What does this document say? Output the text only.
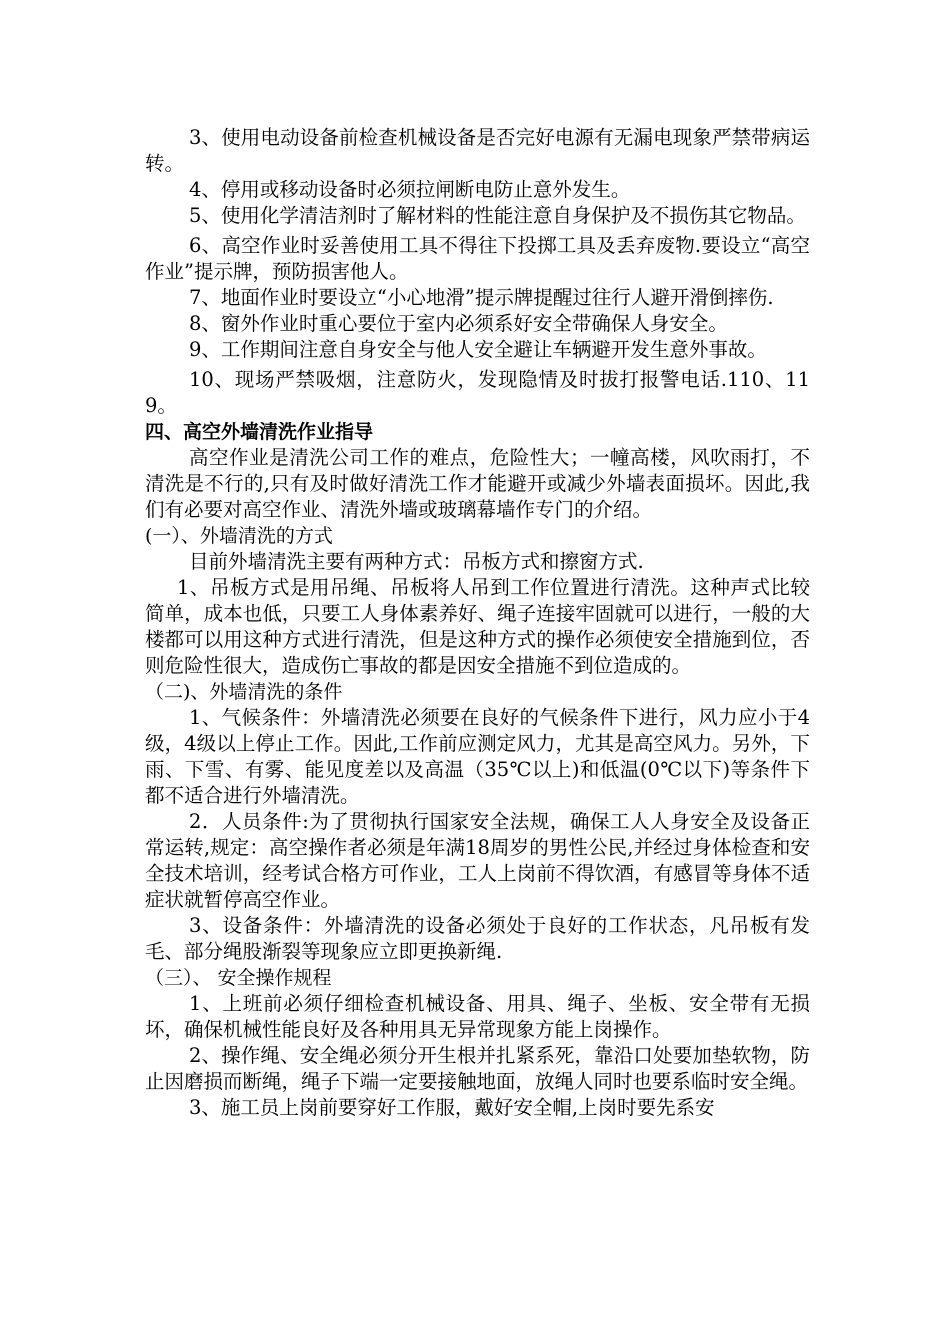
3、使用电动设备前检查机械设备是否完好电源有无漏电现象严禁带病运转。

4、停用或移动设备时必须拉闸断电防止意外发生。

5、使用化学清洁剂时了解材料的性能注意自身保护及不损伤其它物品。

6、高空作业时妥善使用工具不得往下投掷工具及丢弃废物.要设立“高空作业”提示牌，预防损害他人。

7、地面作业时要设立“小心地滑”提示牌提醒过往行人避开滑倒摔伤.

8、窗外作业时重心要位于室内必须系好安全带确保人身安全。

9、工作期间注意自身安全与他人安全避让车辆避开发生意外事故。

10、现场严禁吸烟，注意防火，发现隐情及时拔打报警电话.110、119。

四、高空外墙清洗作业指导

高空作业是清洗公司工作的难点，危险性大；一幢高楼，风吹雨打，不清洗是不行的,只有及时做好清洗工作才能避开或减少外墙表面损坏。因此,我们有必要对高空作业、清洗外墙或玻璃幕墙作专门的介绍。

(一）、外墙清洗的方式

目前外墙清洗主要有两种方式：吊板方式和擦窗方式.

1、吊板方式是用吊绳、吊板将人吊到工作位置进行清洗。这种声式比较简单，成本也低，只要工人身体素养好、绳子连接牢固就可以进行，一般的大楼都可以用这种方式进行清洗，但是这种方式的操作必须使安全措施到位，否则危险性很大，造成伤亡事故的都是因安全措施不到位造成的。

（二)、外墙清洗的条件

1、气候条件：外墙清洗必须要在良好的气候条件下进行，风力应小于4级，4级以上停止工作。因此,工作前应测定风力，尤其是高空风力。另外，下雨、下雪、有雾、能见度差以及高温（35℃以上)和低温(0℃以下)等条件下都不适合进行外墙清洗。

2．人员条件:为了贯彻执行国家安全法规，确保工人人身安全及设备正常运转,规定：高空操作者必须是年满18周岁的男性公民,并经过身体检查和安全技术培训，经考试合格方可作业，工人上岗前不得饮酒，有感冒等身体不适症状就暂停高空作业。

3、设备条件：外墙清洗的设备必须处于良好的工作状态，凡吊板有发毛、部分绳股渐裂等现象应立即更换新绳.

（三）、 安全操作规程

1、上班前必须仔细检查机械设备、用具、绳子、坐板、安全带有无损坏，确保机械性能良好及各种用具无异常现象方能上岗操作。

2、操作绳、安全绳必须分开生根并扎紧系死，靠沿口处要加垫软物，防止因磨损而断绳，绳子下端一定要接触地面，放绳人同时也要系临时安全绳。

3、施工员上岗前要穿好工作服，戴好安全帽,上岗时要先系安
